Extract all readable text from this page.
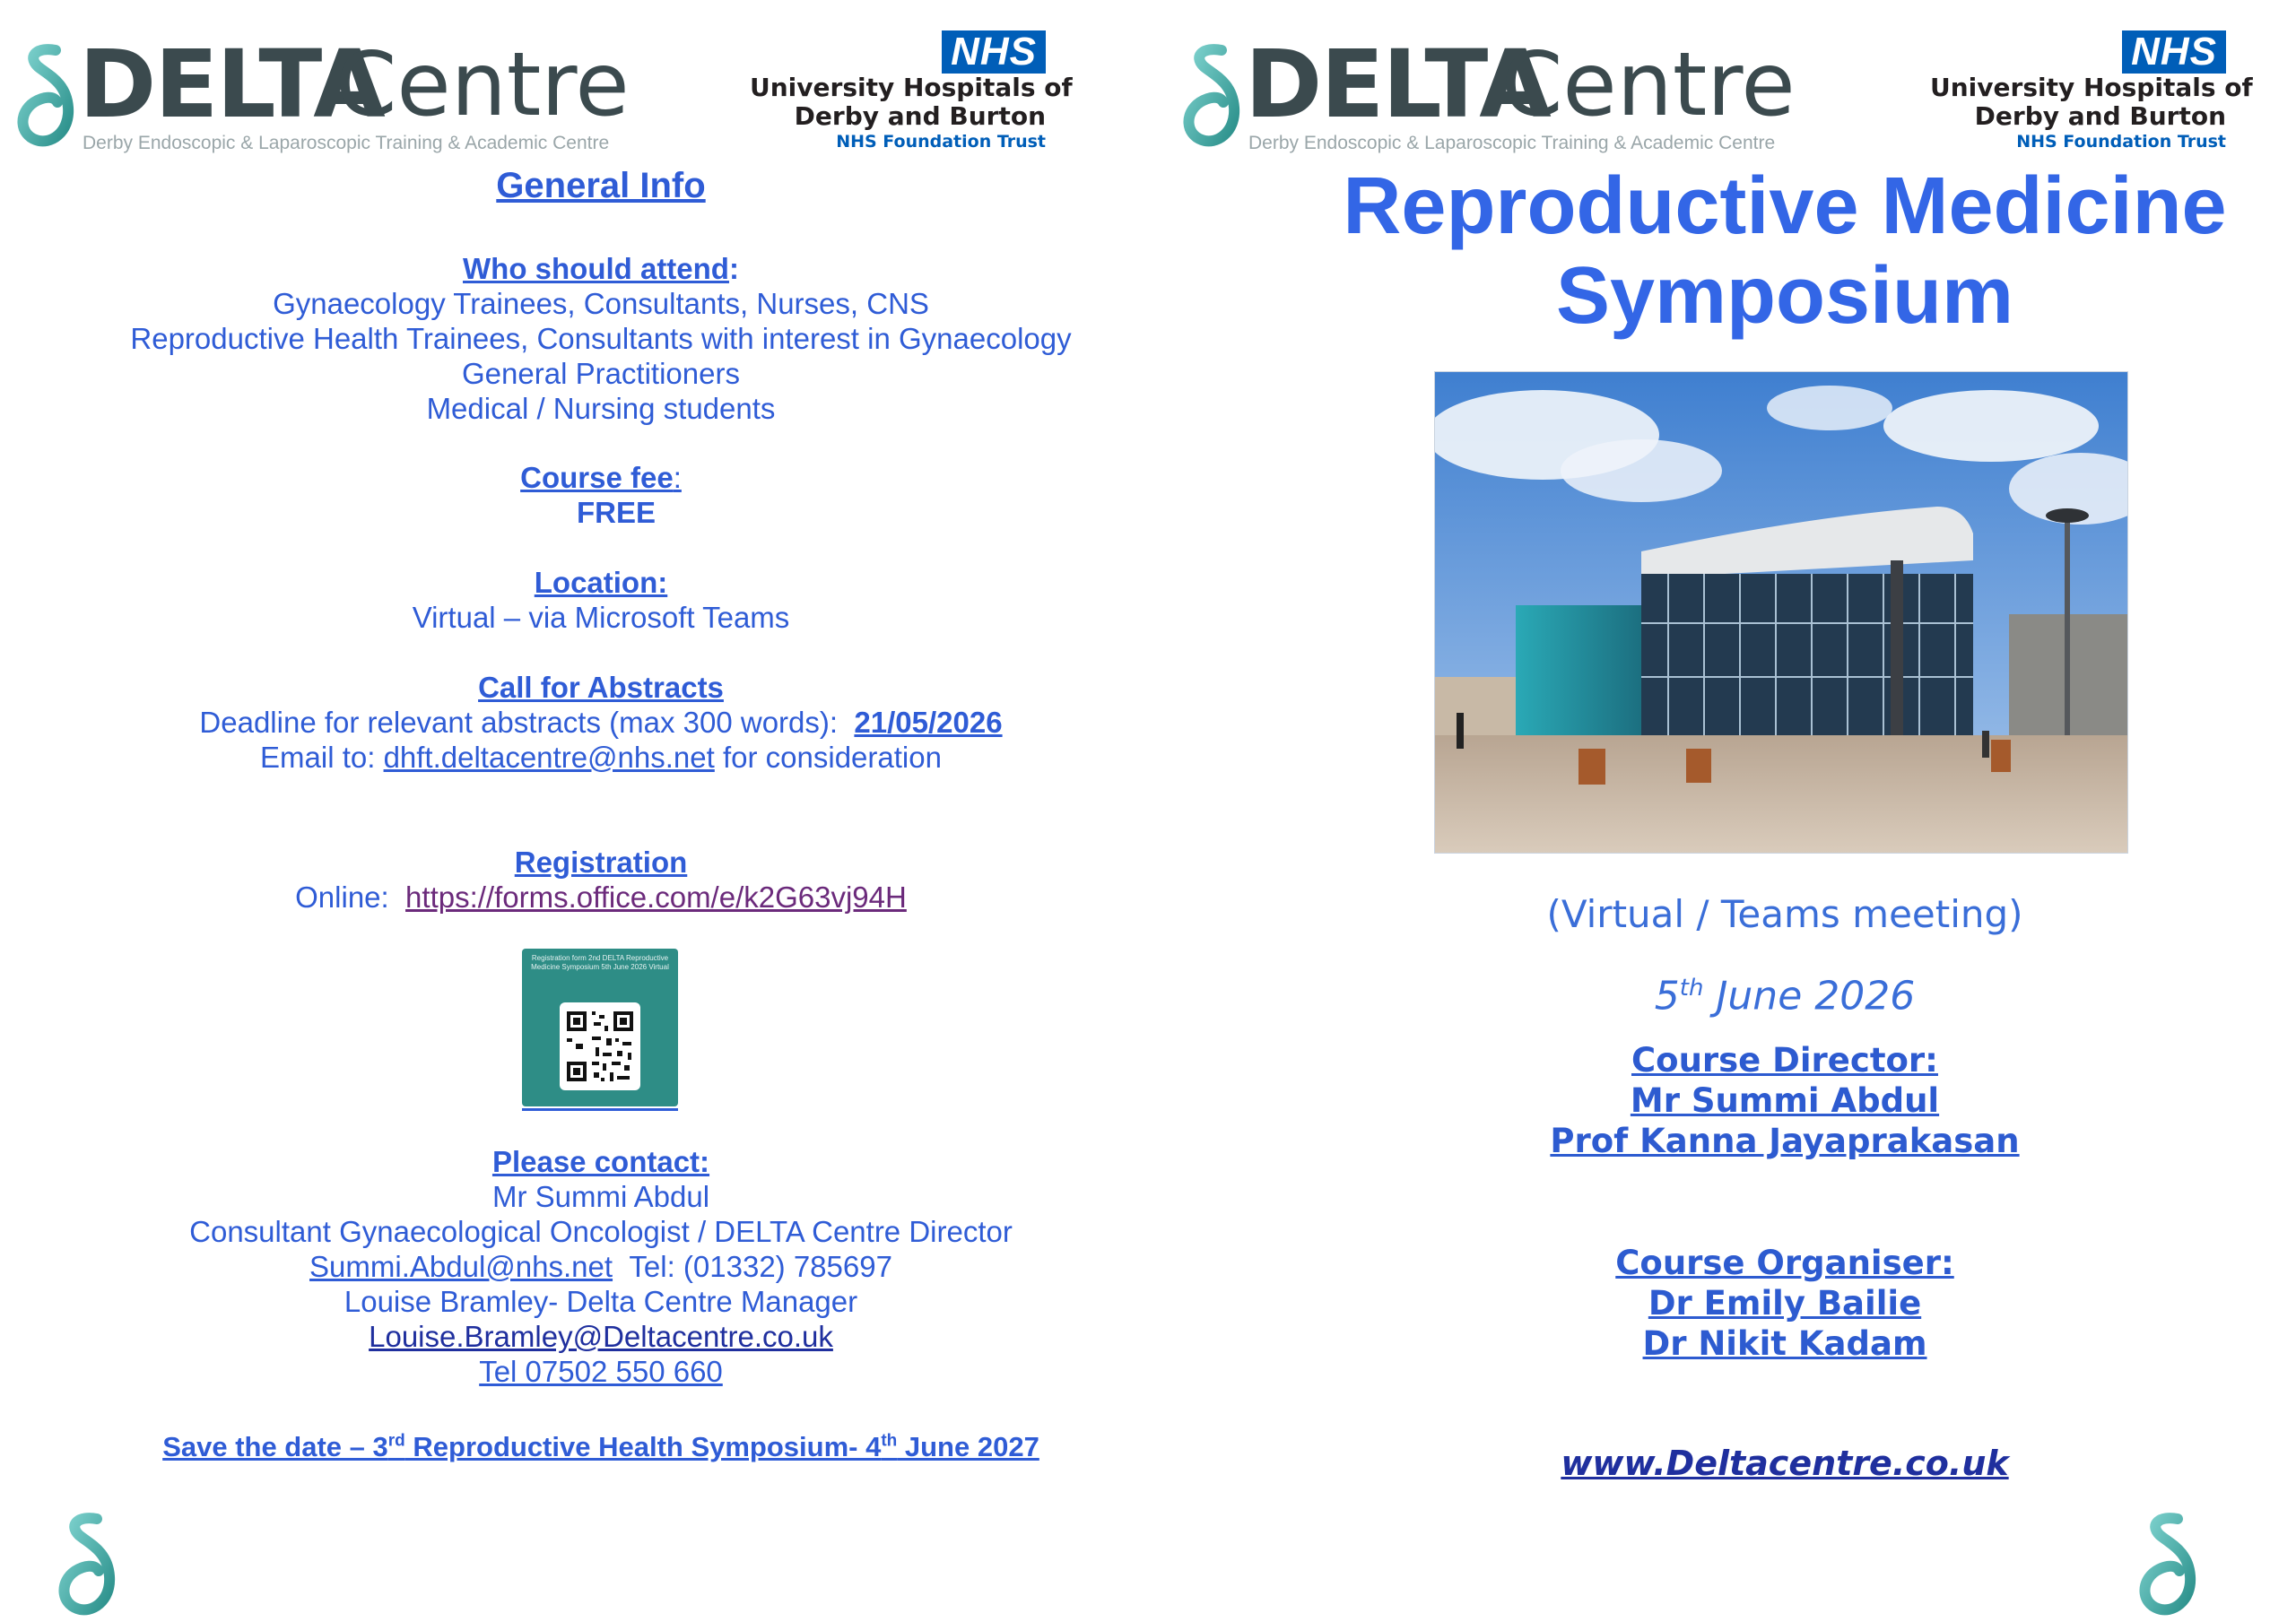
DELTA
Centre
Derby Endoscopic & Laparoscopic Training & Academic Centre
NHS
University Hospitals of
Derby and Burton
NHS Foundation Trust
DELTA
Centre
Derby Endoscopic & Laparoscopic Training & Academic Centre
NHS
University Hospitals of
Derby and Burton
NHS Foundation Trust
General Info

Who should attend:

Gynaecology Trainees, Consultants, Nurses, CNS

Reproductive Health Trainees, Consultants with interest in Gynaecology

General Practitioners

Medical / Nursing students

Course fee:

FREE

Location:

Virtual – via Microsoft Teams

Call for Abstracts

Deadline for relevant abstracts (max 300 words): 21/05/2026

Email to: dhft.deltacentre@nhs.net for consideration

Registration

Online: https://forms.office.com/e/k2G63vj94H

Registration form 2nd DELTA Reproductive Medicine Symposium 5th June 2026 Virtual

Please contact:

Mr Summi Abdul

Consultant Gynaecological Oncologist / DELTA Centre Director

Summi.Abdul@nhs.net Tel: (01332) 785697

Louise Bramley- Delta Centre Manager

Louise.Bramley@Deltacentre.co.uk

Tel 07502 550 660

Save the date – 3rd Reproductive Health Symposium- 4th June 2027
Reproductive Medicine
Symposium
(Virtual / Teams meeting)
5th June 2026

Course Director:

Mr Summi Abdul

Prof Kanna Jayaprakasan

Course Organiser:

Dr Emily Bailie

Dr Nikit Kadam

www.Deltacentre.co.uk
